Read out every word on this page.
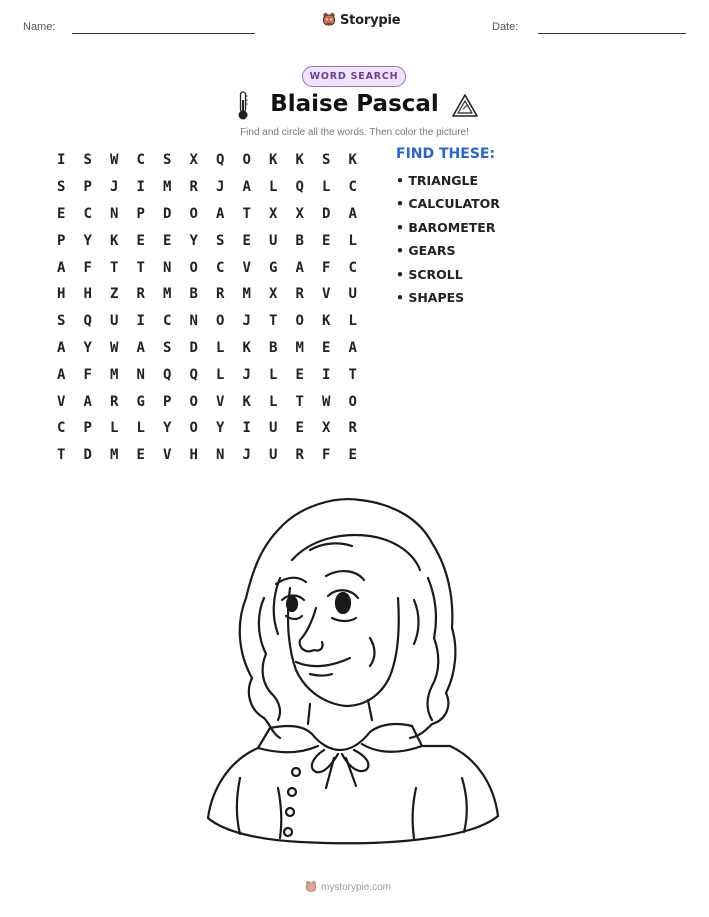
Name:	Storypie	Date:
WORD SEARCH
Blaise Pascal
Find and circle all the words. Then color the picture!
I	S	W	C	S	X	Q	O	K	K	S	K
S	P	J	I	M	R	J	A	L	Q	L	C
E	C	N	P	D	O	A	T	X	X	D	A
P	Y	K	E	E	Y	S	E	U	B	E	L
A	F	T	T	N	O	C	V	G	A	F	C
H	H	Z	R	M	B	R	M	X	R	V	U
S	Q	U	I	C	N	O	J	T	O	K	L
A	Y	W	A	S	D	L	K	B	M	E	A
A	F	M	N	Q	Q	L	J	L	E	I	T
V	A	R	G	P	O	V	K	L	T	W	O
C	P	L	L	Y	O	Y	I	U	E	X	R
T	D	M	E	V	H	N	J	U	R	F	E
FIND THESE:
• TRIANGLE
• CALCULATOR
• BAROMETER
• GEARS
• SCROLL
• SHAPES
mystorypie.com
